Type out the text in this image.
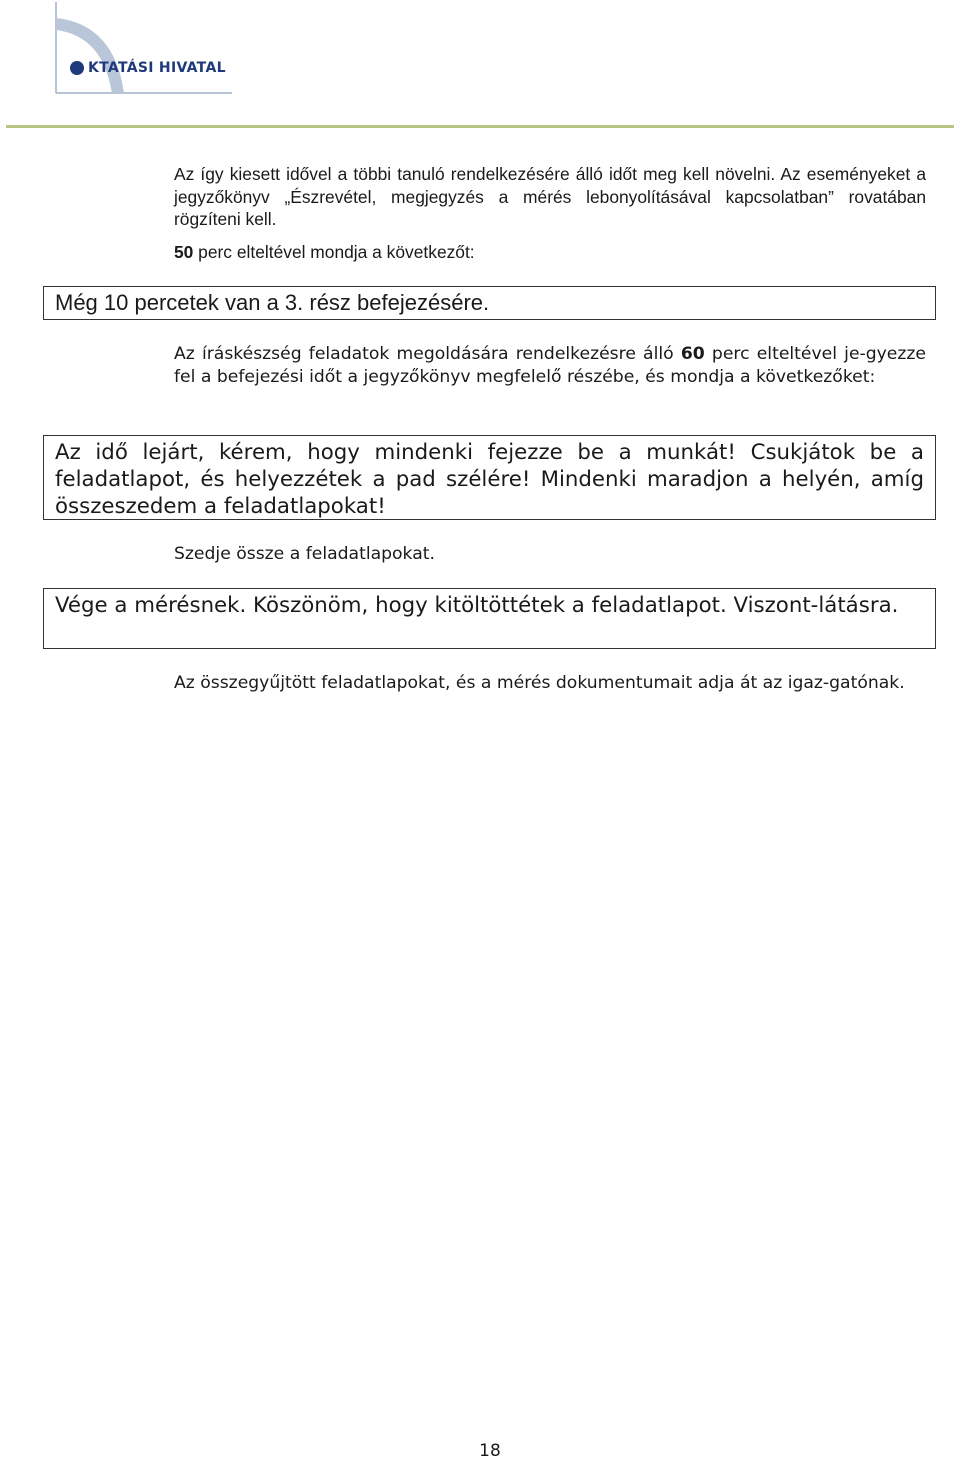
KTATÁSI HIVATAL

Az így kiesett idővel a többi tanuló rendelkezésére álló időt meg kell növelni. Az eseményeket a jegyzőkönyv „Észrevétel, megjegyzés a mérés lebonyolításával kapcsolatban” rovatában rögzíteni kell.

50 perc elteltével mondja a következőt:

Még 10 percetek van a 3. rész befejezésére.

Az íráskészség feladatok megoldására rendelkezésre álló 60 perc elteltével je-gyezze fel a befejezési időt a jegyzőkönyv megfelelő részébe, és mondja a következőket:

Az idő lejárt, kérem, hogy mindenki fejezze be a munkát! Csukjátok be a feladatlapot, és helyezzétek a pad szélére! Mindenki maradjon a helyén, amíg összeszedem a feladatlapokat!

Szedje össze a feladatlapokat.

Vége a mérésnek. Köszönöm, hogy kitöltöttétek a feladatlapot. Viszont-látásra.

Az összegyűjtött feladatlapokat, és a mérés dokumentumait adja át az igaz-gatónak.

18
